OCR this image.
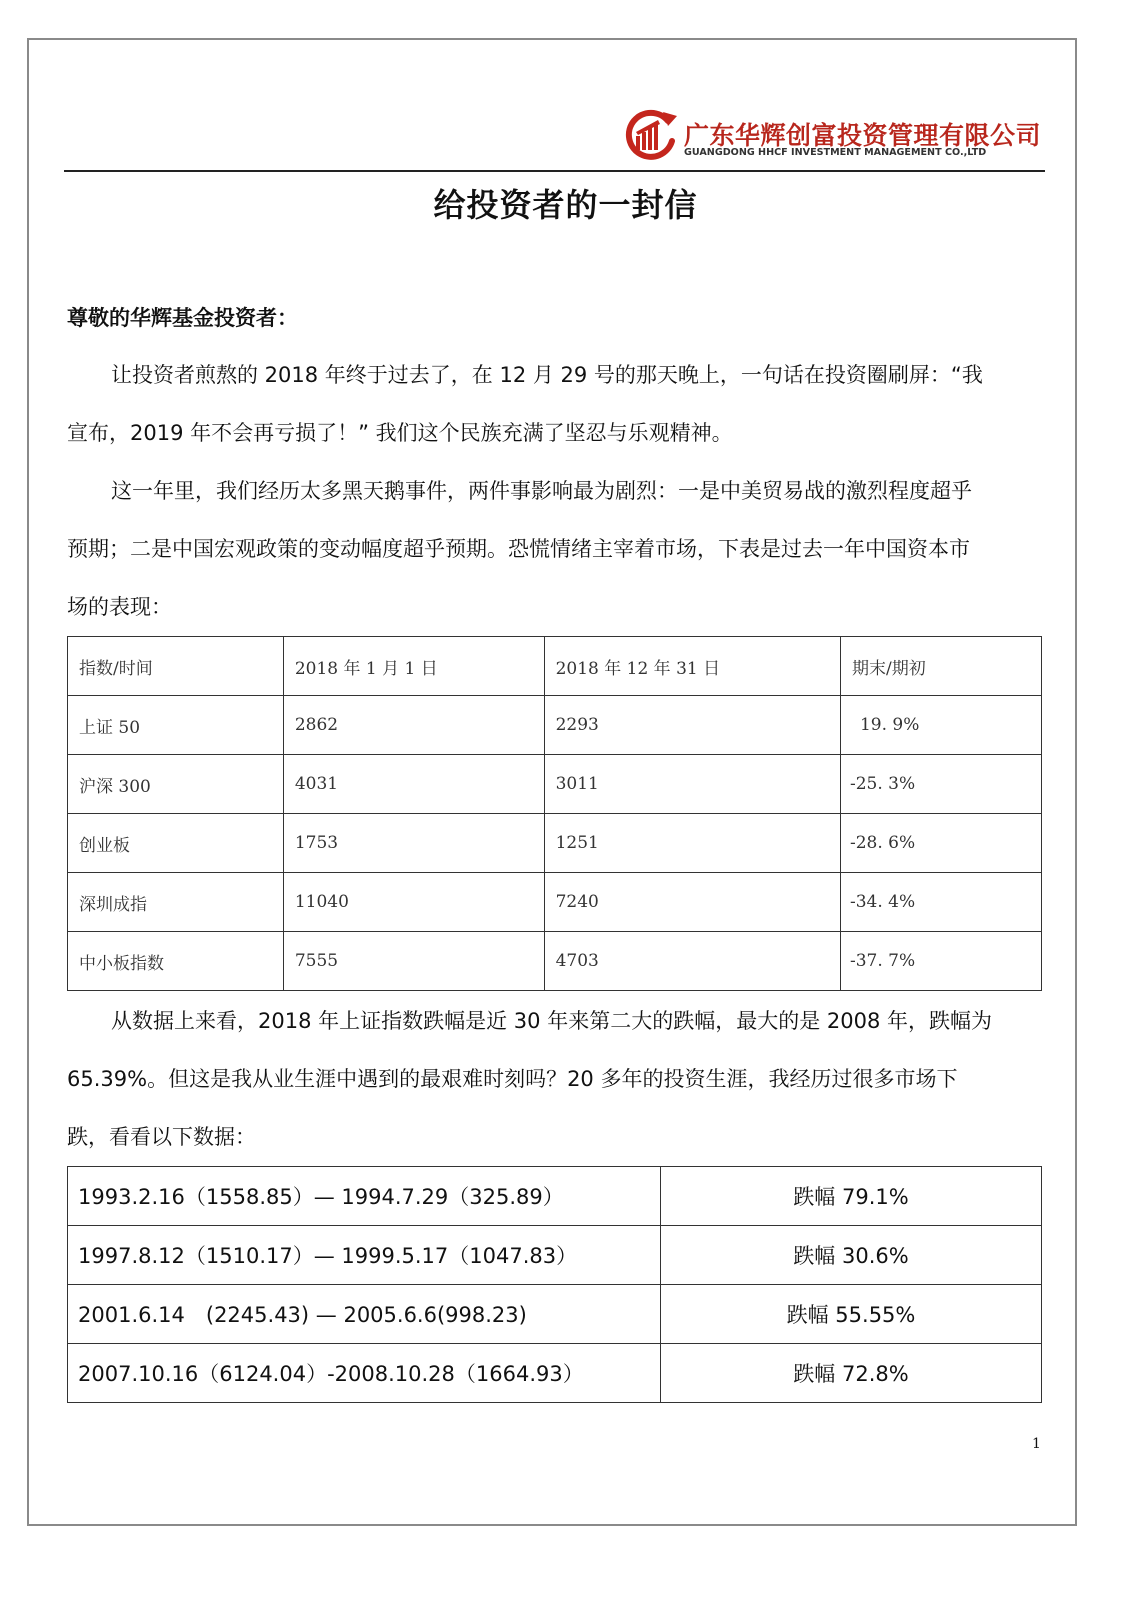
广东华辉创富投资管理有限公司
GUANGDONG HHCF INVESTMENT MANAGEMENT CO.,LTD
给投资者的一封信
尊敬的华辉基金投资者：

让投资者煎熬的 2018 年终于过去了，在 12 月 29 号的那天晚上，一句话在投资圈刷屏：“我
宣布，2019 年不会再亏损了！” 我们这个民族充满了坚忍与乐观精神。

这一年里，我们经历太多黑天鹅事件，两件事影响最为剧烈：一是中美贸易战的激烈程度超乎
预期；二是中国宏观政策的变动幅度超乎预期。恐慌情绪主宰着市场，下表是过去一年中国资本市
场的表现：

指数/时间	2018 年 1 月 1 日	2018 年 12 年 31 日	期末/期初
上证 50	2862	2293	19. 9%
沪深 300	4031	3011	-25. 3%
创业板	1753	1251	-28. 6%
深圳成指	11040	7240	-34. 4%
中小板指数	7555	4703	-37. 7%

从数据上来看，2018 年上证指数跌幅是近 30 年来第二大的跌幅，最大的是 2008 年，跌幅为
65.39%。但这是我从业生涯中遇到的最艰难时刻吗？20 多年的投资生涯，我经历过很多市场下
跌，看看以下数据：

1993.2.16（1558.85）— 1994.7.29（325.89）	跌幅 79.1%
1997.8.12（1510.17）— 1999.5.17（1047.83）	跌幅 30.6%
2001.6.14　(2245.43) — 2005.6.6(998.23)	跌幅 55.55%
2007.10.16（6124.04）-2008.10.28（1664.93）	跌幅 72.8%
1
